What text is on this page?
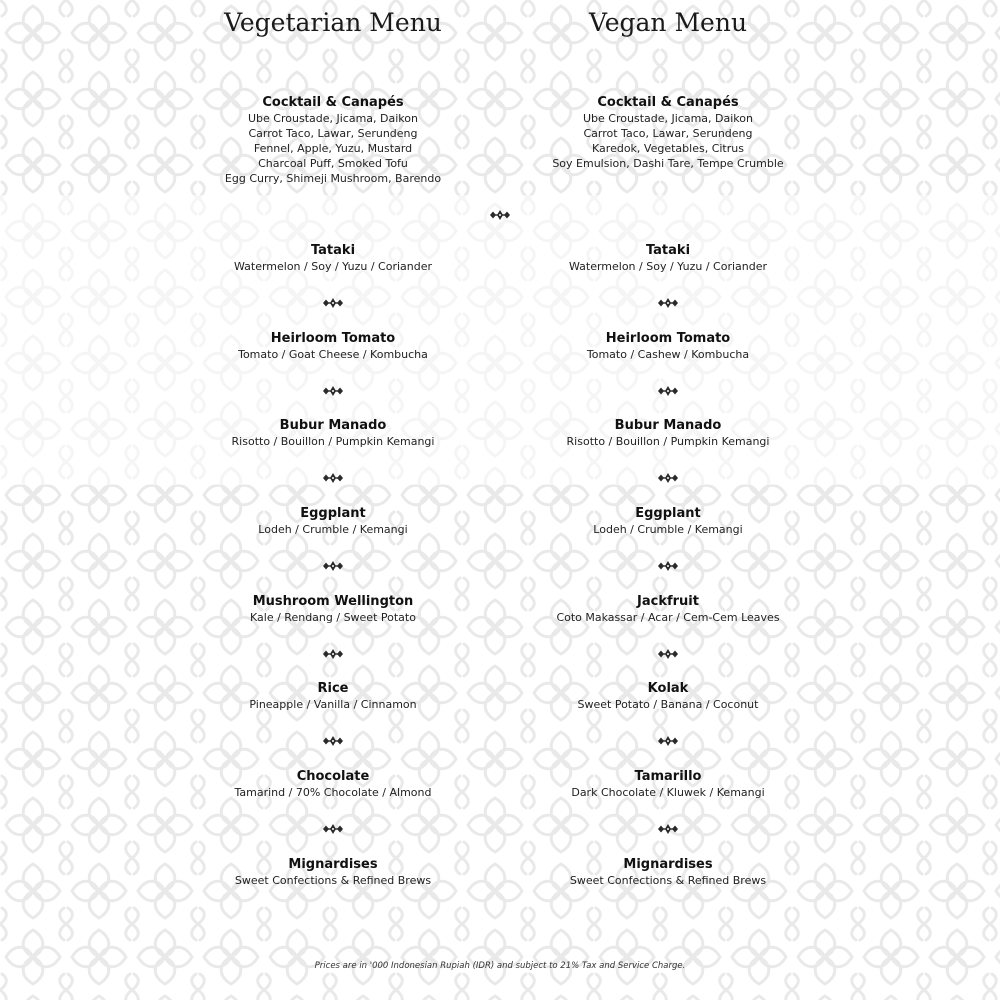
Vegetarian Menu	Vegan Menu
Cocktail & Canapés
Ube Croustade, Jicama, Daikon
Carrot Taco, Lawar, Serundeng
Fennel, Apple, Yuzu, Mustard
Charcoal Puff, Smoked Tofu
Egg Curry, Shimeji Mushroom, Barendo
Cocktail & Canapés
Ube Croustade, Jicama, Daikon
Carrot Taco, Lawar, Serundeng
Karedok, Vegetables, Citrus
Soy Emulsion, Dashi Tare, Tempe Crumble
Tataki
Watermelon / Soy / Yuzu / Coriander
Heirloom Tomato
Tomato / Goat Cheese / Kombucha
Bubur Manado
Risotto / Bouillon / Pumpkin Kemangi
Eggplant
Lodeh / Crumble / Kemangi
Mushroom Wellington
Kale / Rendang / Sweet Potato
Rice
Pineapple / Vanilla / Cinnamon
Chocolate
Tamarind / 70% Chocolate / Almond
Mignardises
Sweet Confections & Refined Brews
Tataki
Watermelon / Soy / Yuzu / Coriander
Heirloom Tomato
Tomato / Cashew / Kombucha
Bubur Manado
Risotto / Bouillon / Pumpkin Kemangi
Eggplant
Lodeh / Crumble / Kemangi
Jackfruit
Coto Makassar / Acar / Cem-Cem Leaves
Kolak
Sweet Potato / Banana / Coconut
Tamarillo
Dark Chocolate / Kluwek / Kemangi
Mignardises
Sweet Confections & Refined Brews
Prices are in '000 Indonesian Rupiah (IDR) and subject to 21% Tax and Service Charge.
